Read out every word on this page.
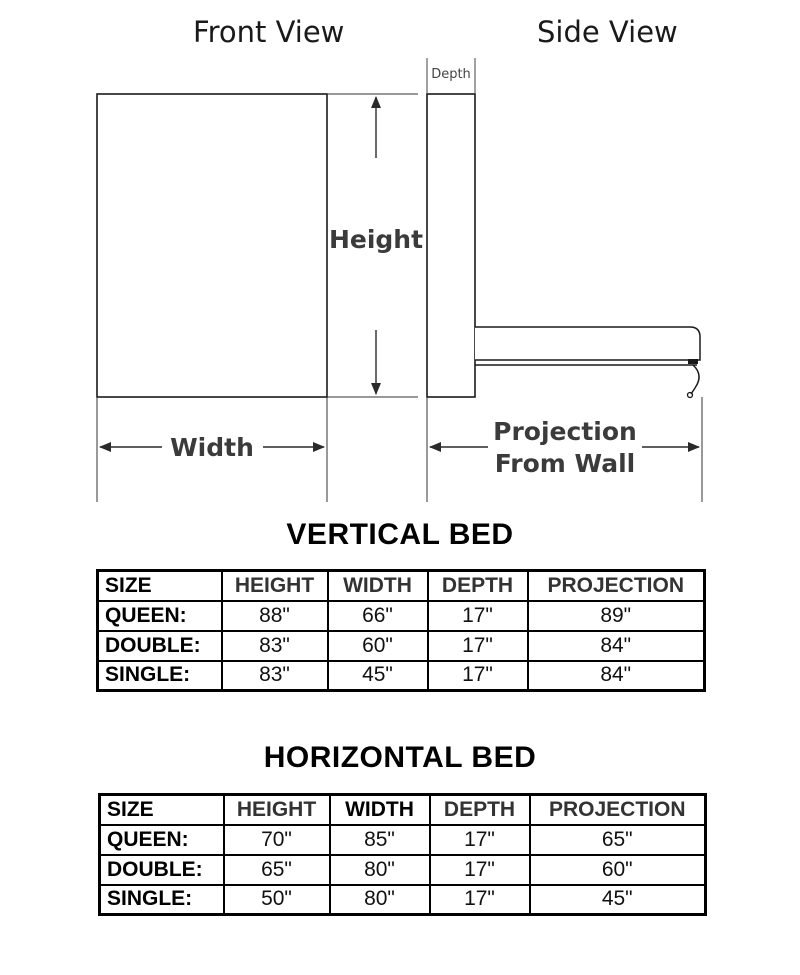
Front View	Side View
Height
Width
Depth
Projection
From Wall
VERTICAL BED
SIZE	HEIGHT	WIDTH	DEPTH	PROJECTION
QUEEN:	88"	66"	17"	89"
DOUBLE:	83"	60"	17"	84"
SINGLE:	83"	45"	17"	84"
HORIZONTAL BED
SIZE	HEIGHT	WIDTH	DEPTH	PROJECTION
QUEEN:	70"	85"	17"	65"
DOUBLE:	65"	80"	17"	60"
SINGLE:	50"	80"	17"	45"
